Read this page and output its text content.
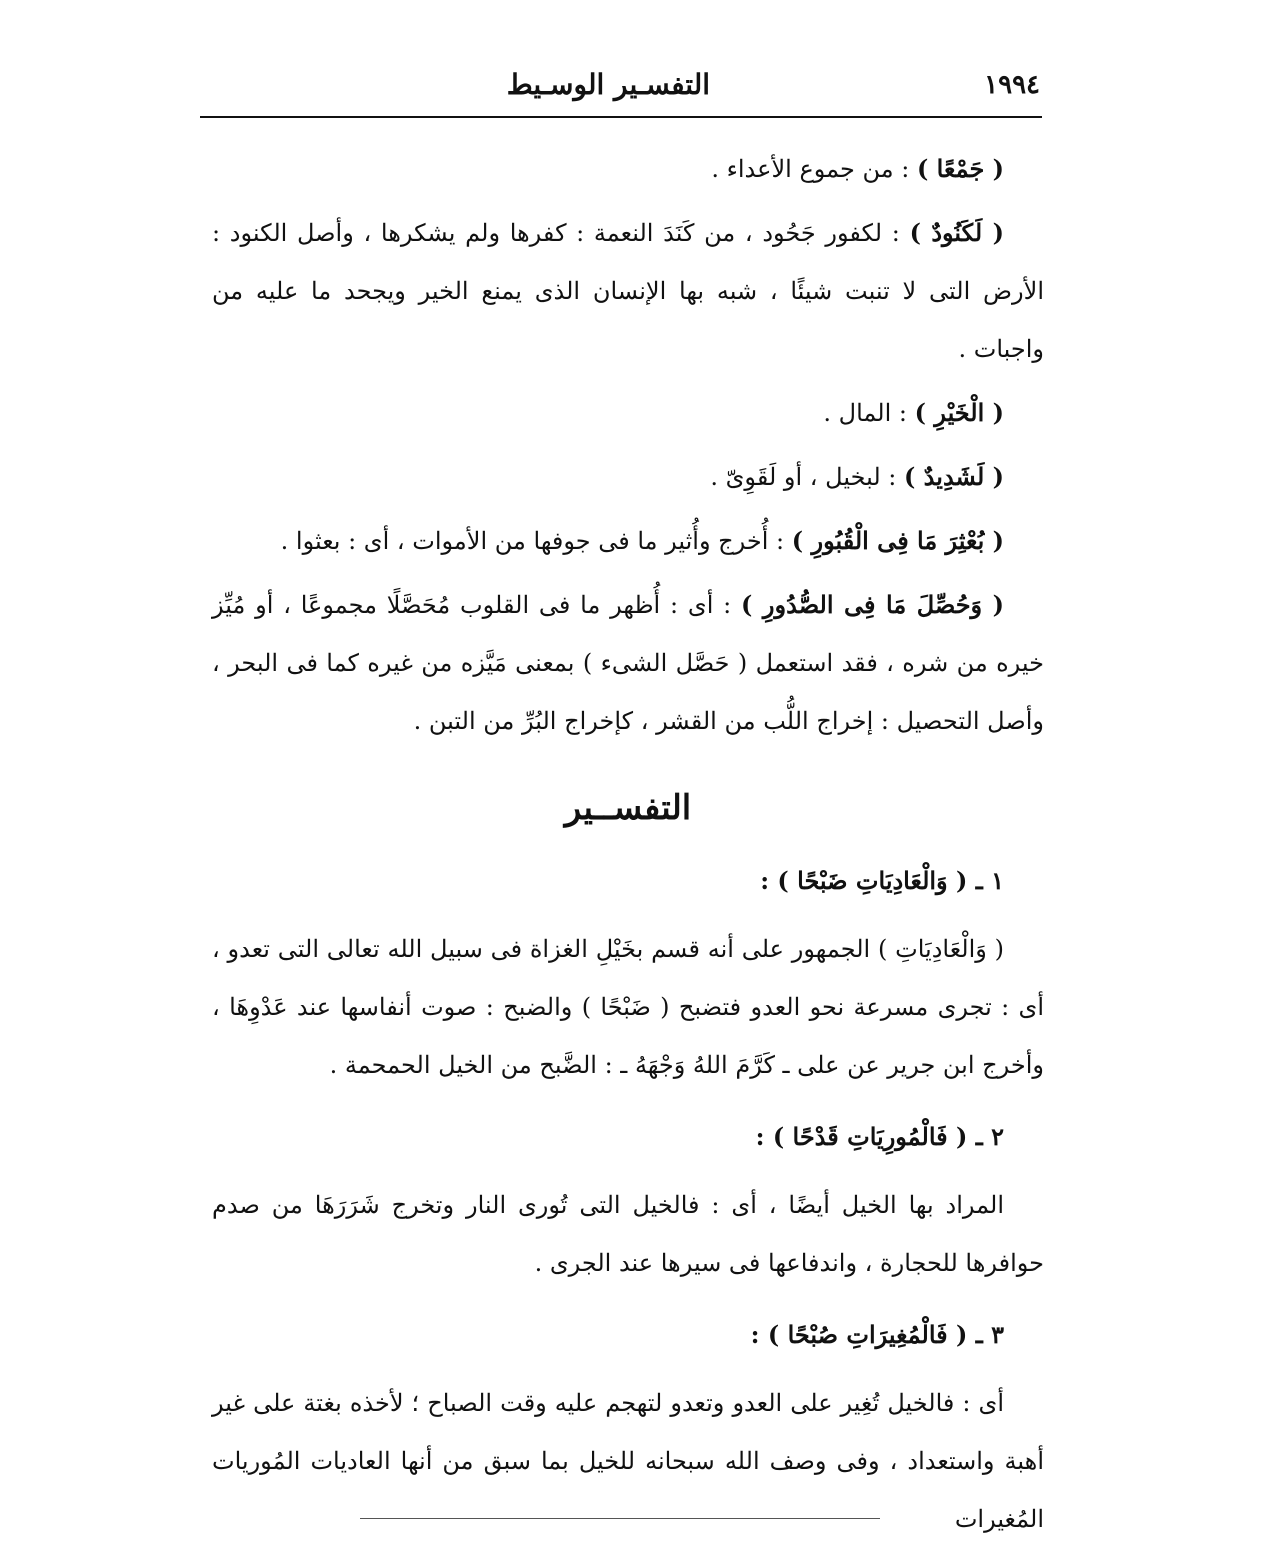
١٩٩٤
التفسـير الوسـيط

( جَمْعًا ) : من جموع الأعداء .

( لَكَنُودٌ ) : لكفور جَحُود ، من كَنَدَ النعمة : كفرها ولم يشكرها ، وأصل الكنود : الأرض التى لا تنبت شيئًا ، شبه بها الإنسان الذى يمنع الخير ويجحد ما عليه من واجبات .

( الْخَيْرِ ) : المال .

( لَشَدِيدٌ ) : لبخيل ، أو لَقَوِىّ .

( بُعْثِرَ مَا فِى الْقُبُورِ ) : أُخرج وأُثير ما فى جوفها من الأموات ، أى : بعثوا .

( وَحُصِّلَ مَا فِى الصُّدُورِ ) : أى : أُظهر ما فى القلوب مُحَصَّلًا مجموعًا ، أو مُيِّز خيره من شره ، فقد استعمل ( حَصَّل الشىء ) بمعنى مَيَّزه من غيره كما فى البحر ، وأصل التحصيل : إخراج اللُّب من القشر ، كإخراج البُرِّ من التبن .

التفســير

١ ـ ( وَالْعَادِيَاتِ ضَبْحًا ) :

( وَالْعَادِيَاتِ ) الجمهور على أنه قسم بخَيْلِ الغزاة فى سبيل الله تعالى التى تعدو ، أى : تجرى مسرعة نحو العدو فتضبح ( ضَبْحًا ) والضبح : صوت أنفاسها عند عَدْوِهَا ، وأخرج ابن جرير عن على ـ كَرَّمَ اللهُ وَجْهَهُ ـ : الضَّبح من الخيل الحمحمة .

٢ ـ ( فَالْمُورِيَاتِ قَدْحًا ) :

المراد بها الخيل أيضًا ، أى : فالخيل التى تُورى النار وتخرج شَرَرَهَا من صدم حوافرها للحجارة ، واندفاعها فى سيرها عند الجرى .

٣ ـ ( فَالْمُغِيرَاتِ صُبْحًا ) :

أى : فالخيل تُغِير على العدو وتعدو لتهجم عليه وقت الصباح ؛ لأخذه بغتة على غير أهبة واستعداد ، وفى وصف الله سبحانه للخيل بما سبق من أنها العاديات المُوريات المُغيرات
